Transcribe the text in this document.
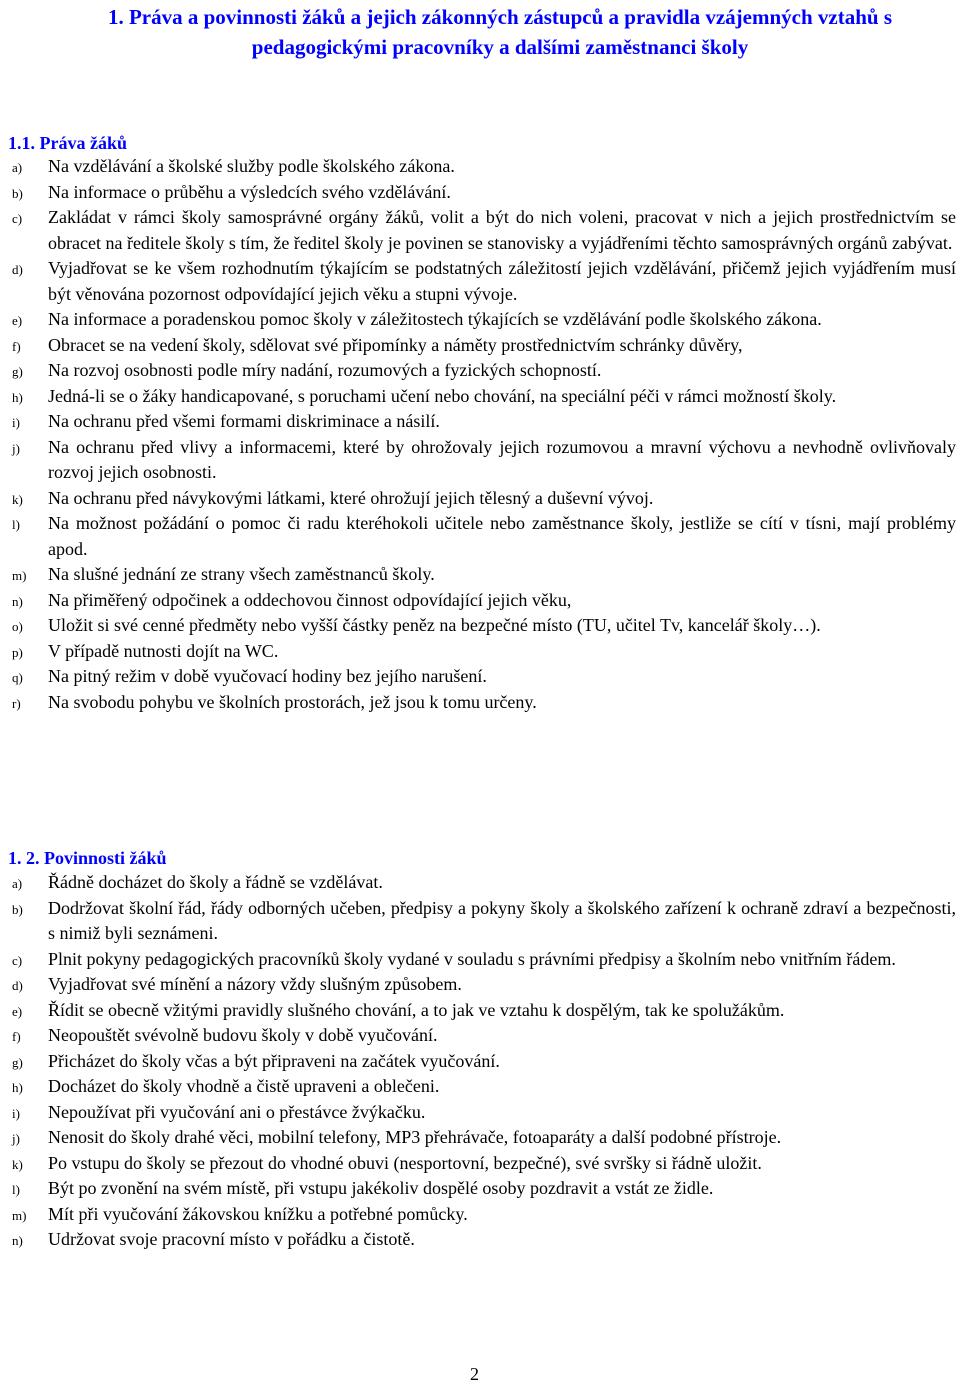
1. Práva a povinnosti žáků a jejich zákonných zástupců a pravidla vzájemných vztahů s pedagogickými pracovníky a dalšími zaměstnanci školy
1.1. Práva žáků
a) Na vzdělávání a školské služby podle školského zákona.
b) Na informace o průběhu a výsledcích svého vzdělávání.
c) Zakládat v rámci školy samosprávné orgány žáků, volit a být do nich voleni, pracovat v nich a jejich prostřednictvím se obracet na ředitele školy s tím, že ředitel školy je povinen se stanovisky a vyjádřeními těchto samosprávných orgánů zabývat.
d) Vyjadřovat se ke všem rozhodnutím týkajícím se podstatných záležitostí jejich vzdělávání, přičemž jejich vyjádřením musí být věnována pozornost odpovídající jejich věku a stupni vývoje.
e) Na informace a poradenskou pomoc školy v záležitostech týkajících se vzdělávání podle školského zákona.
f) Obracet se na vedení školy, sdělovat své připomínky a náměty prostřednictvím schránky důvěry,
g) Na rozvoj osobnosti podle míry nadání, rozumových a fyzických schopností.
h) Jedná-li se o žáky handicapované, s poruchami učení nebo chování, na speciální péči v rámci možností školy.
i) Na ochranu před všemi formami diskriminace a násilí.
j) Na ochranu před vlivy a informacemi, které by ohrožovaly jejich rozumovou a mravní výchovu a nevhodně ovlivňovaly rozvoj jejich osobnosti.
k) Na ochranu před návykovými látkami, které ohrožují jejich tělesný a duševní vývoj.
l) Na možnost požádání o pomoc či radu kteréhokoli učitele nebo zaměstnance školy, jestliže se cítí v tísni, mají problémy apod.
m) Na slušné jednání ze strany všech zaměstnanců školy.
n) Na přiměřený odpočinek a oddechovou činnost odpovídající jejich věku,
o) Uložit si své cenné předměty nebo vyšší částky peněz na bezpečné místo (TU, učitel Tv, kancelář školy…).
p) V případě nutnosti dojít na WC.
q) Na pitný režim v době vyučovací hodiny bez jejího narušení.
r) Na svobodu pohybu ve školních prostorách, jež jsou k tomu určeny.
1. 2. Povinnosti žáků
a) Řádně docházet do školy a řádně se vzdělávat.
b) Dodržovat školní řád, řády odborných učeben, předpisy a pokyny školy a školského zařízení k ochraně zdraví a bezpečnosti, s nimiž byli seznámeni.
c) Plnit pokyny pedagogických pracovníků školy vydané v souladu s právními předpisy a školním nebo vnitřním řádem.
d) Vyjadřovat své mínění a názory vždy slušným způsobem.
e) Řídit se obecně vžitými pravidly slušného chování, a to jak ve vztahu k dospělým, tak ke spolužákům.
f) Neopouštět svévolně budovu školy v době vyučování.
g) Přicházet do školy včas a být připraveni na začátek vyučování.
h) Docházet do školy vhodně a čistě upraveni a oblečeni.
i) Nepoužívat při vyučování ani o přestávce žvýkačku.
j) Nenosit do školy drahé věci, mobilní telefony, MP3 přehrávače, fotoaparáty a další podobné přístroje.
k) Po vstupu do školy se přezout do vhodné obuvi (nesportovní, bezpečné), své svršky si řádně uložit.
l) Být po zvonění na svém místě, při vstupu jakékoliv dospělé osoby pozdravit a vstát ze židle.
m) Mít při vyučování žákovskou knížku a potřebné pomůcky.
n) Udržovat svoje pracovní místo v pořádku a čistotě.
2
